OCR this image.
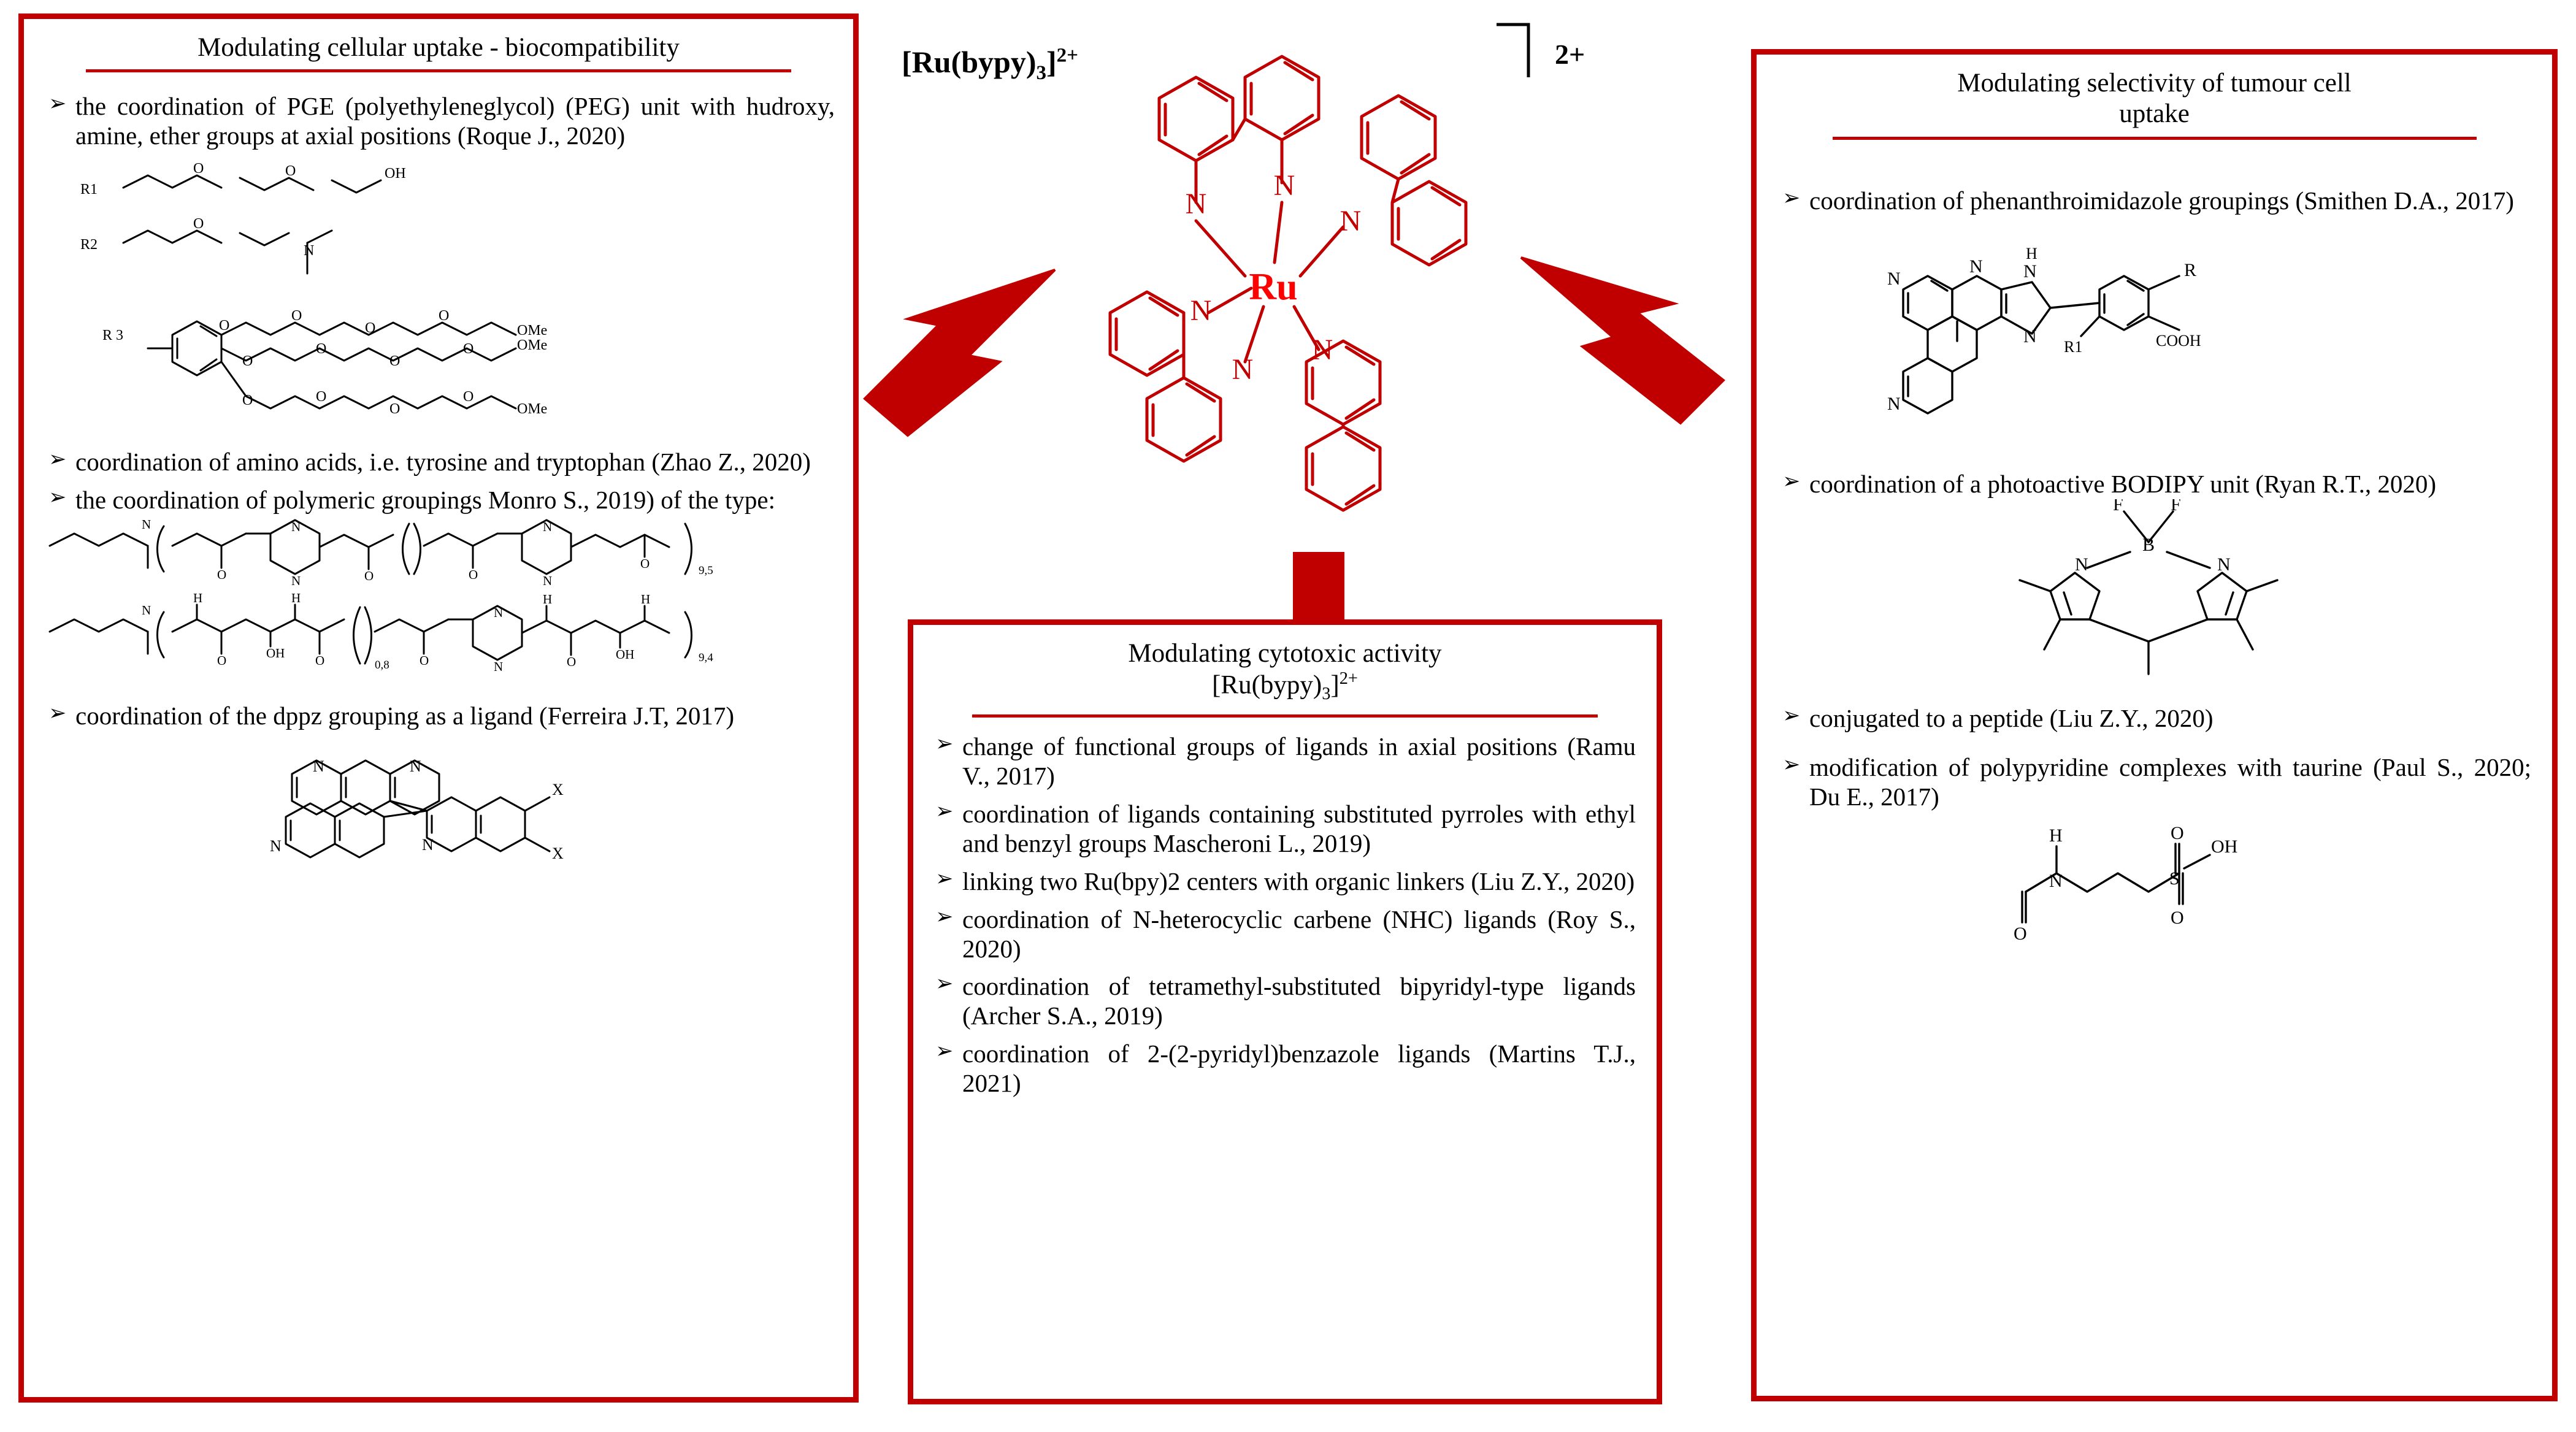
$[Ru(bypy)_3]^{2+}$
N
N
N
N
N
N
Ru
2+
Modulating cellular uptake - biocompatibility
➢ the coordination of PGE (polyethyleneglycol) (PEG) unit with hudroxy, amine, ether groups at axial positions (Roque J., 2020)
R1
R2
R 3
O	O	OH
O
N
O
O
O
O
OMe
O
O
O
O	OMe
O	O
O
O
OMe
➢ coordination of amino acids, i.e. tyrosine and tryptophan (Zhao Z., 2020)
➢ the coordination of polymeric groupings Monro S., 2019) of the type:
N
O
N
N	O	O
N
N
O	9,5
N
O
H
OH
H
O	0,8 O
N
N	O
H
OH
H
9,4
➢ coordination of the dppz grouping as a ligand (Ferreira J.T, 2017)
N
N	N
N
X
X
Modulating cytotoxic activity
$[Ru(bypy)_3]^{2+}$
➢ change of functional groups of ligands in axial positions (Ramu V., 2017)
➢ coordination of ligands containing substituted pyrroles with ethyl and benzyl groups Mascheroni L., 2019)
➢ linking two Ru(bpy)2 centers with organic linkers (Liu Z.Y., 2020)
➢ coordination of N-heterocyclic carbene (NHC) ligands (Roy S., 2020)
➢ coordination of tetramethyl-substituted bipyridyl-type ligands (Archer S.A., 2019)
➢ coordination of 2-(2-pyridyl)benzazole ligands (Martins T.J., 2021)
Modulating selectivity of tumour cell
uptake
➢ coordination of phenanthroimidazole groupings (Smithen D.A., 2017)
N
N
N
N
N
H
R
R1	COOH
➢ coordination of a photoactive BODIPY unit (Ryan R.T., 2020)
B
F	F
N	N
➢ conjugated to a peptide (Liu Z.Y., 2020)
➢ modification of polypyridine complexes with taurine (Paul S., 2020; Du E., 2017)
H
N
O
O
O
S
OH
